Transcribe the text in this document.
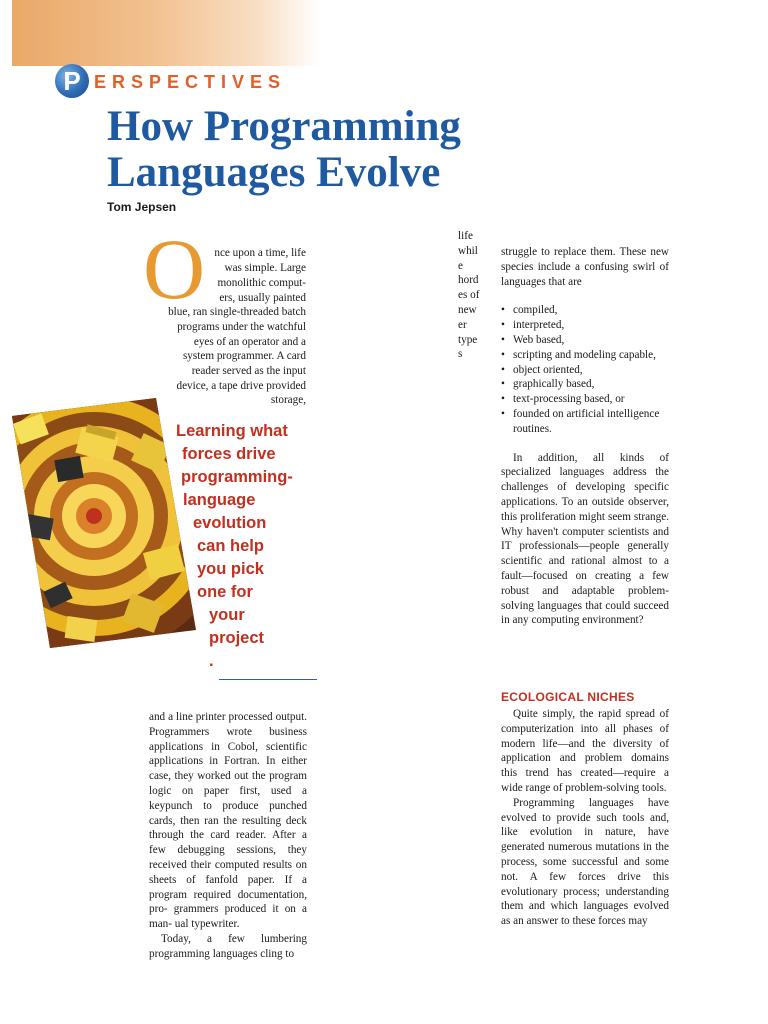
P ERSPECTIVES
How Programming
Languages Evolve
Tom Jepsen
O nce upon a time, life
was simple. Large
monolithic comput-
ers, usually painted
blue, ran single-threaded batch
programs under the watchful
eyes of an operator and a
system programmer. A card
reader served as the input
device, a tape drive provided
storage,
Learning what
forces drive
programming-
language
evolution
can help
you pick
one for
your
project
.

and a line printer processed output. Programmers wrote business applications in Cobol, scientific applications in Fortran. In either case, they worked out the program logic on paper first, used a keypunch to produce punched cards, then ran the resulting deck through the card reader. After a few debugging sessions, they received their computed results on sheets of fanfold paper. If a program required documentation, pro- grammers produced it on a man- ual typewriter.

Today, a few lumbering programming languages cling to

life
whil
e
hord
es of
new
er
type
s

struggle to replace them. These new species include a confusing swirl of languages that are

• compiled,
• interpreted,
• Web based,
• scripting and modeling capable,
• object oriented,
• graphically based,
• text-processing based, or
• founded on artificial intelligence routines.

In addition, all kinds of specialized languages address the challenges of developing specific applications. To an outside observer, this proliferation might seem strange. Why haven't computer scientists and IT professionals—people generally scientific and rational almost to a fault—focused on creating a few robust and adaptable problem-solving languages that could succeed in any computing environment?

ECOLOGICAL NICHES

Quite simply, the rapid spread of computerization into all phases of modern life—and the diversity of application and problem domains this trend has created—require a wide range of problem-solving tools.

Programming languages have evolved to provide such tools and, like evolution in nature, have generated numerous mutations in the process, some successful and some not. A few forces drive this evolutionary process; understanding them and which languages evolved as an answer to these forces may
